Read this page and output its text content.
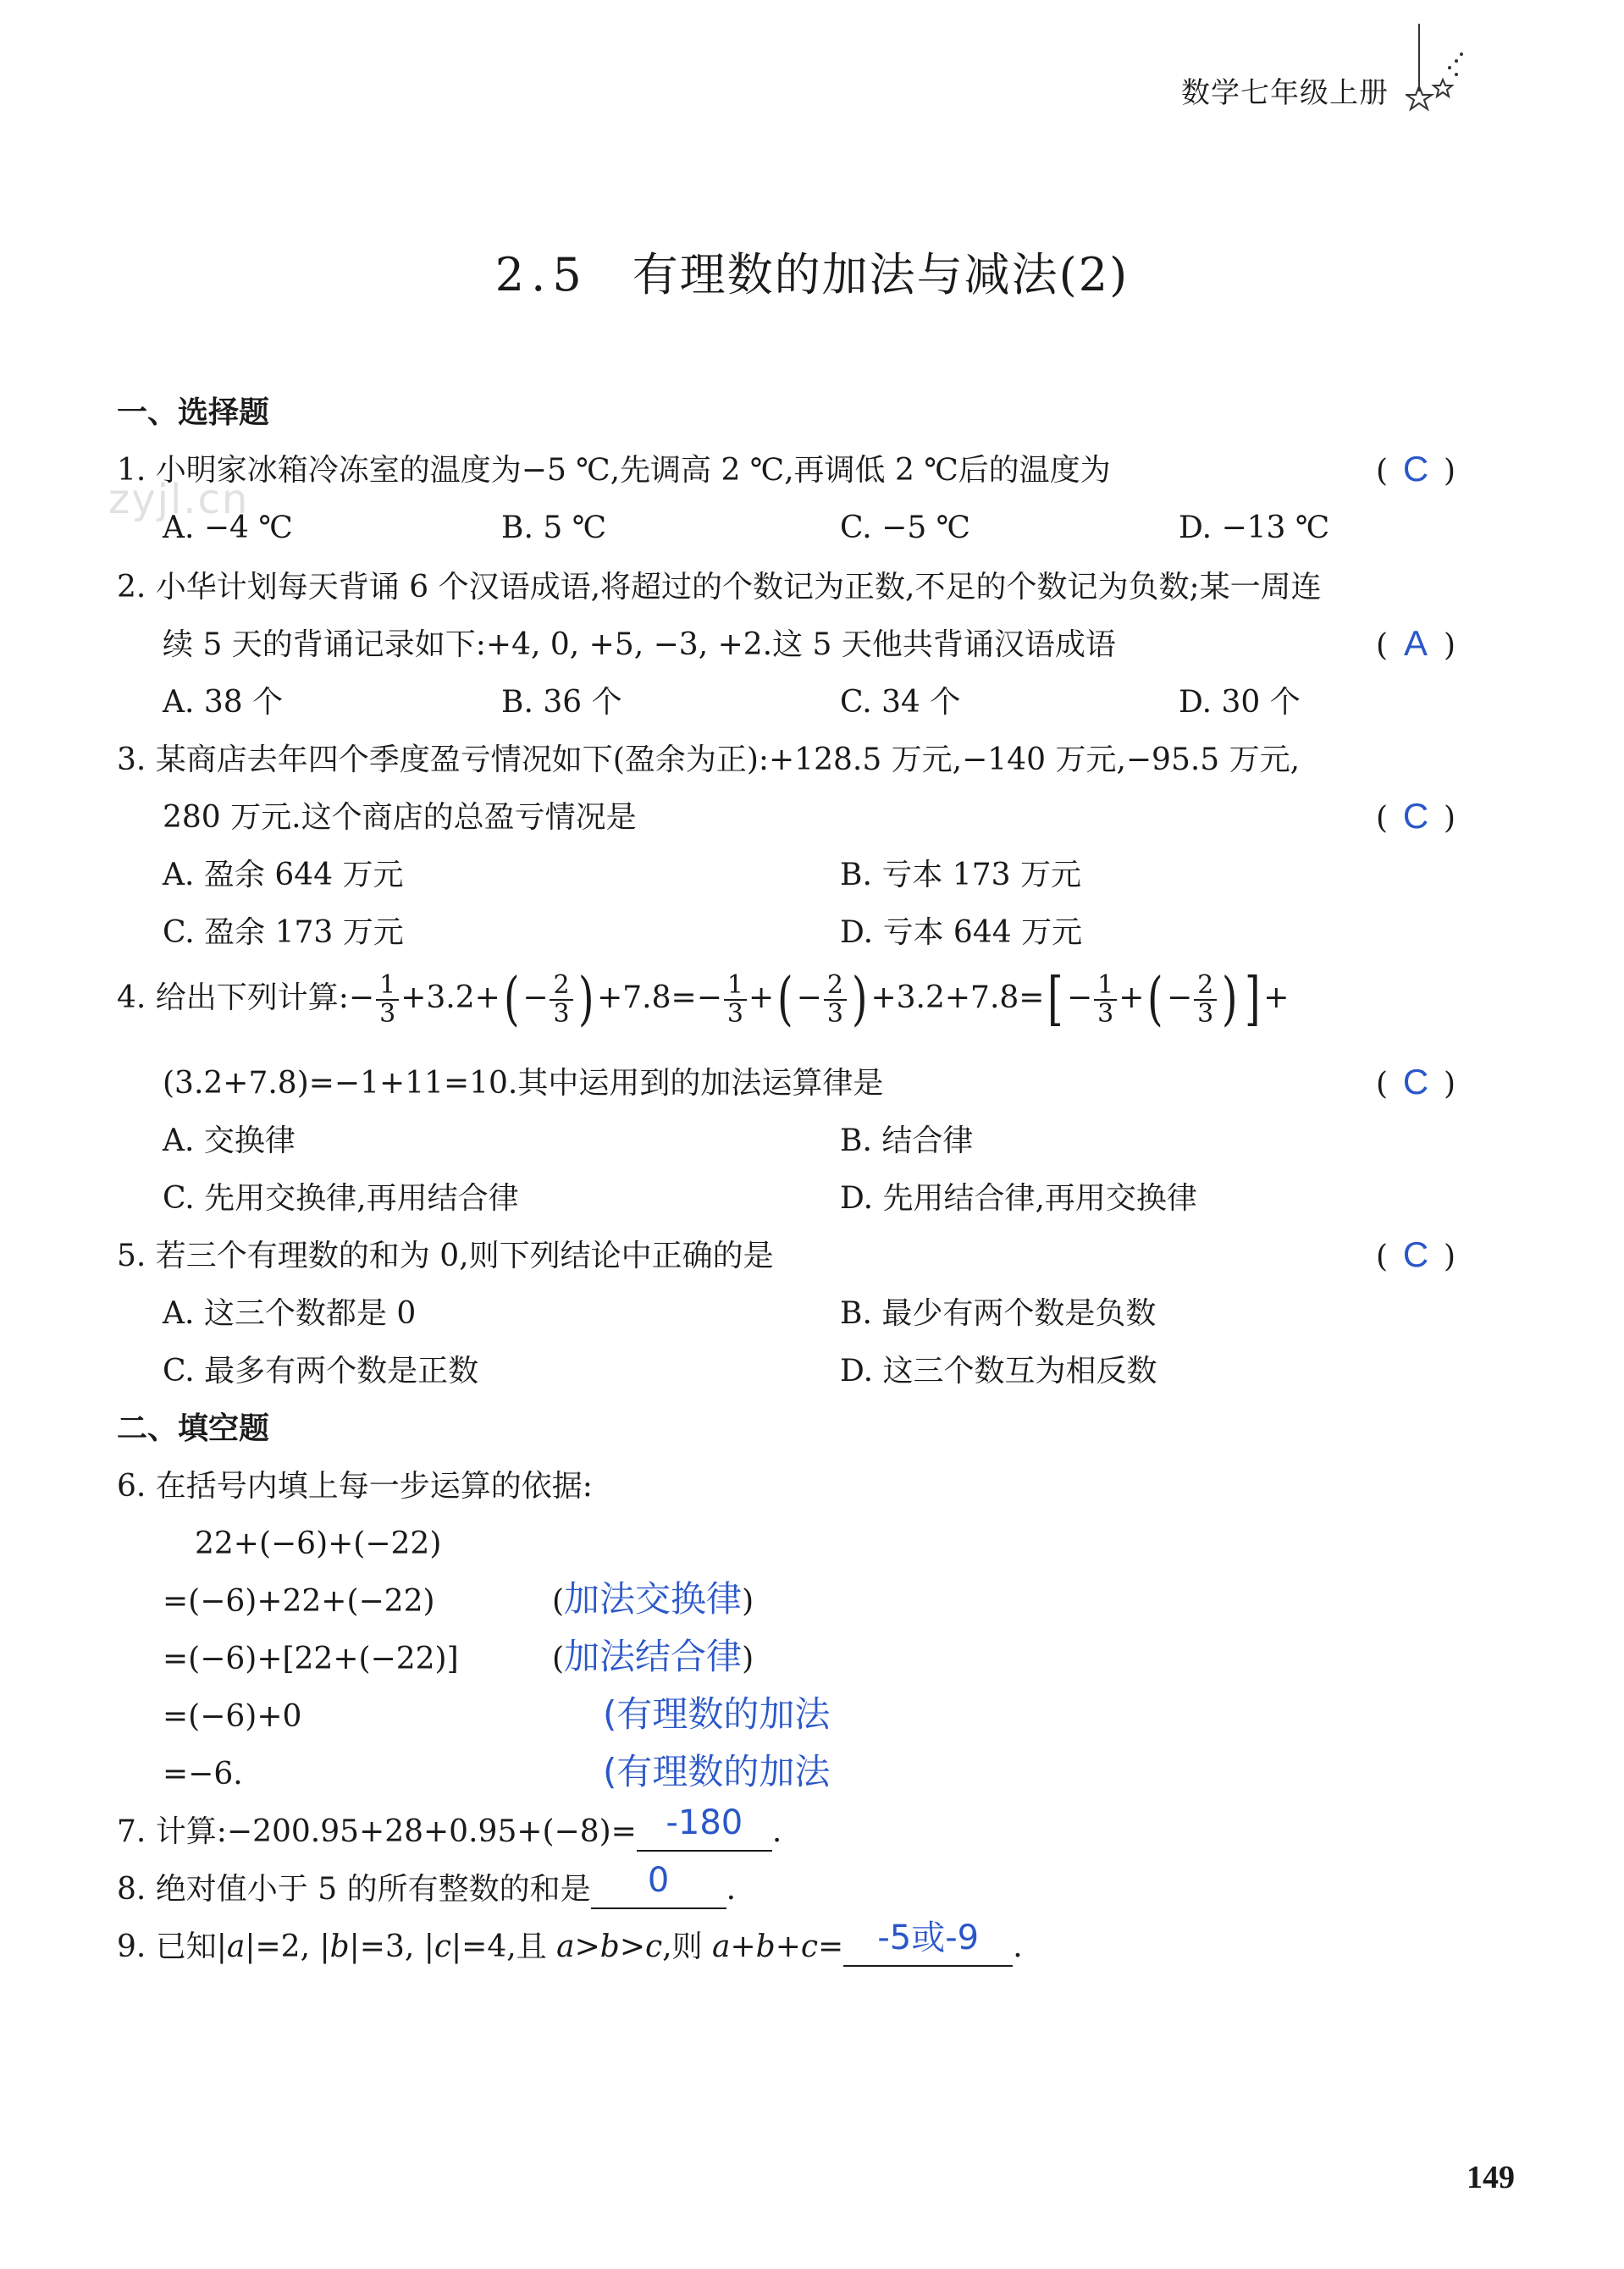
数学七年级上册
2.5 有理数的加法与减法(2)
zyjl.cn
一、选择题
1. 小明家冰箱冷冻室的温度为−5 ℃,先调高 2 ℃,再调低 2 ℃后的温度为	( C )
A. −4 ℃	B. 5 ℃	C. −5 ℃	D. −13 ℃
2. 小华计划每天背诵 6 个汉语成语,将超过的个数记为正数,不足的个数记为负数;某一周连
续 5 天的背诵记录如下:+4, 0, +5, −3, +2.这 5 天他共背诵汉语成语	( A )
A. 38 个	B. 36 个	C. 34 个	D. 30 个
3. 某商店去年四个季度盈亏情况如下(盈余为正):+128.5 万元,−140 万元,−95.5 万元,
280 万元.这个商店的总盈亏情况是	( C )
A. 盈余 644 万元	B. 亏本 173 万元
C. 盈余 173 万元	D. 亏本 644 万元
4. 给出下列计算:− $\frac{1}{3} +3.2+( - \frac{2}{3}$ ) $+7.8=- \frac{1}{3}$ +( − $\frac{2}{3}$ ) $+3.2+7.8=[ - \frac{1}{3}$ +( − $\frac{2}{3}$ ) ] +
(3.2+7.8)=−1+11=10.其中运用到的加法运算律是	( C )
A. 交换律	B. 结合律
C. 先用交换律,再用结合律	D. 先用结合律,再用交换律
5. 若三个有理数的和为 0,则下列结论中正确的是	( C )
A. 这三个数都是 0	B. 最少有两个数是负数
C. 最多有两个数是正数	D. 这三个数互为相反数
二、填空题
6. 在括号内填上每一步运算的依据:
22+(−6)+(−22)
=(−6)+22+(−22)	(加法交换律)
=(−6)+[22+(−22)]	(加法结合律)
=(−6)+0	(有理数的加法
=−6.	(有理数的加法
7. 计算:−200.95+28+0.95+(−8)= -180 .
8. 绝对值小于 5 的所有整数的和是	0	.
9. 已知|a|=2, |b|=3, |c|=4,且 a>b>c,则 a+b+c=	-5或-9	.
149
